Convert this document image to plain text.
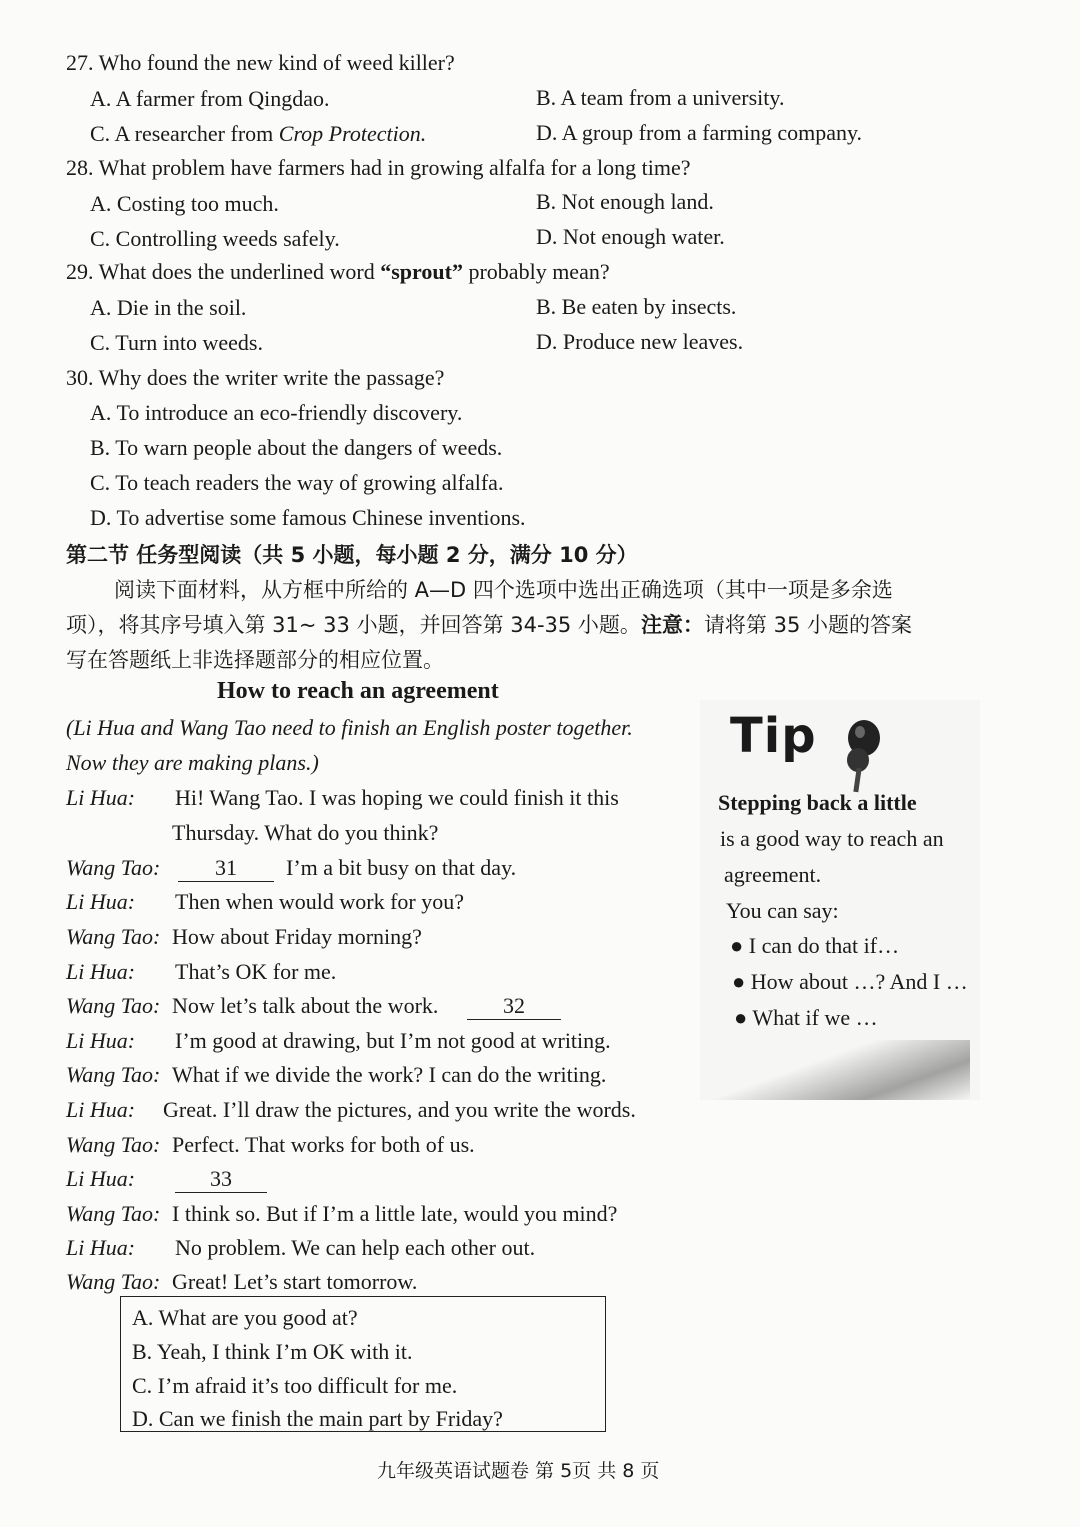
27. Who found the new kind of weed killer?
A. A farmer from Qingdao.	B. A team from a university.
C. A researcher from Crop Protection.	D. A group from a farming company.
28. What problem have farmers had in growing alfalfa for a long time?
A. Costing too much.	B. Not enough land.
C. Controlling weeds safely.	D. Not enough water.
29. What does the underlined word “sprout” probably mean?
A. Die in the soil.	B. Be eaten by insects.
C. Turn into weeds.	D. Produce new leaves.
30. Why does the writer write the passage?
A. To introduce an eco-friendly discovery.
B. To warn people about the dangers of weeds.
C. To teach readers the way of growing alfalfa.
D. To advertise some famous Chinese inventions.
第二节 任务型阅读（共 5 小题，每小题 2 分，满分 10 分）
阅读下面材料，从方框中所给的 A—D 四个选项中选出正确选项（其中一项是多余选
项），将其序号填入第 31~ 33 小题，并回答第 34-35 小题。注意：请将第 35 小题的答案
写在答题纸上非选择题部分的相应位置。
How to reach an agreement
(Li Hua and Wang Tao need to finish an English poster together.
Now they are making plans.)
Li Hua: Hi! Wang Tao. I was hoping we could finish it this
Thursday. What do you think?
Wang Tao:	31	I’m a bit busy on that day.
Li Hua: Then when would work for you?
Wang Tao: How about Friday morning?
Li Hua: That’s OK for me.
Wang Tao: Now let’s talk about the work.	32
Li Hua: I’m good at drawing, but I’m not good at writing.
Wang Tao: What if we divide the work? I can do the writing.
Li Hua: Great. I’ll draw the pictures, and you write the words.
Wang Tao: Perfect. That works for both of us.
Li Hua:	33
Wang Tao: I think so. But if I’m a little late, would you mind?
Li Hua: No problem. We can help each other out.
Wang Tao: Great! Let’s start tomorrow.
A. What are you good at?
B. Yeah, I think I’m OK with it.
C. I’m afraid it’s too difficult for me.
D. Can we finish the main part by Friday?
Tip
Stepping back a little
is a good way to reach an
agreement.
You can say:
● I can do that if…
● How about …? And I …
● What if we …
九年级英语试题卷 第 5页 共 8 页
